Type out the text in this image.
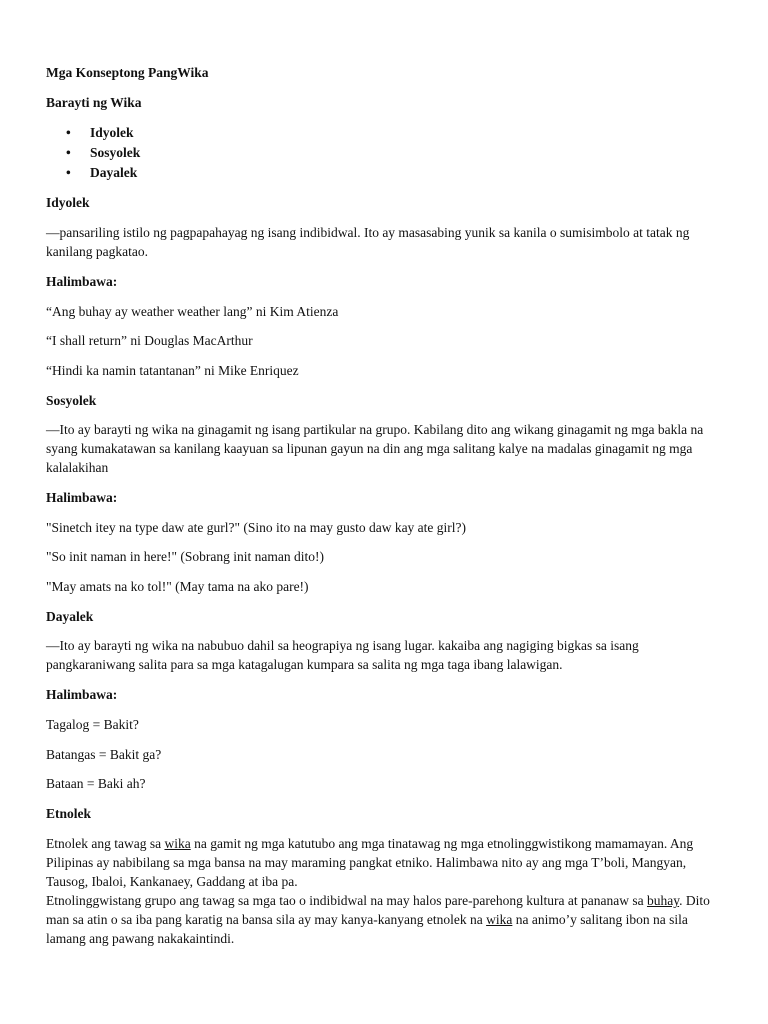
Mga Konseptong PangWika

Barayti ng Wika

• Idyolek
• Sosyolek
• Dayalek

Idyolek

—pansariling istilo ng pagpapahayag ng isang indibidwal. Ito ay masasabing yunik sa kanila o sumisimbolo at tatak ng kanilang pagkatao.

Halimbawa:

“Ang buhay ay weather weather lang” ni Kim Atienza

“I shall return” ni Douglas MacArthur

“Hindi ka namin tatantanan” ni Mike Enriquez

Sosyolek

—Ito ay barayti ng wika na ginagamit ng isang partikular na grupo. Kabilang dito ang wikang ginagamit ng mga bakla na syang kumakatawan sa kanilang kaayuan sa lipunan gayun na din ang mga salitang kalye na madalas ginagamit ng mga kalalakihan

Halimbawa:

"Sinetch itey na type daw ate gurl?" (Sino ito na may gusto daw kay ate girl?)

"So init naman in here!" (Sobrang init naman dito!)

"May amats na ko tol!" (May tama na ako pare!)

Dayalek

—Ito ay barayti ng wika na nabubuo dahil sa heograpiya ng isang lugar. kakaiba ang nagiging bigkas sa isang pangkaraniwang salita para sa mga katagalugan kumpara sa salita ng mga taga ibang lalawigan.

Halimbawa:

Tagalog = Bakit?

Batangas = Bakit ga?

Bataan = Baki ah?

Etnolek

Etnolek ang tawag sa wika na gamit ng mga katutubo ang mga tinatawag ng mga etnolinggwistikong mamamayan. Ang Pilipinas ay nabibilang sa mga bansa na may maraming pangkat etniko. Halimbawa nito ay ang mga T’boli, Mangyan, Tausog, Ibaloi, Kankanaey, Gaddang at iba pa.
Etnolinggwistang grupo ang tawag sa mga tao o indibidwal na may halos pare-parehong kultura at pananaw sa buhay. Dito man sa atin o sa iba pang karatig na bansa sila ay may kanya-kanyang etnolek na wika na animo’y salitang ibon na sila lamang ang pawang nakakaintindi.
